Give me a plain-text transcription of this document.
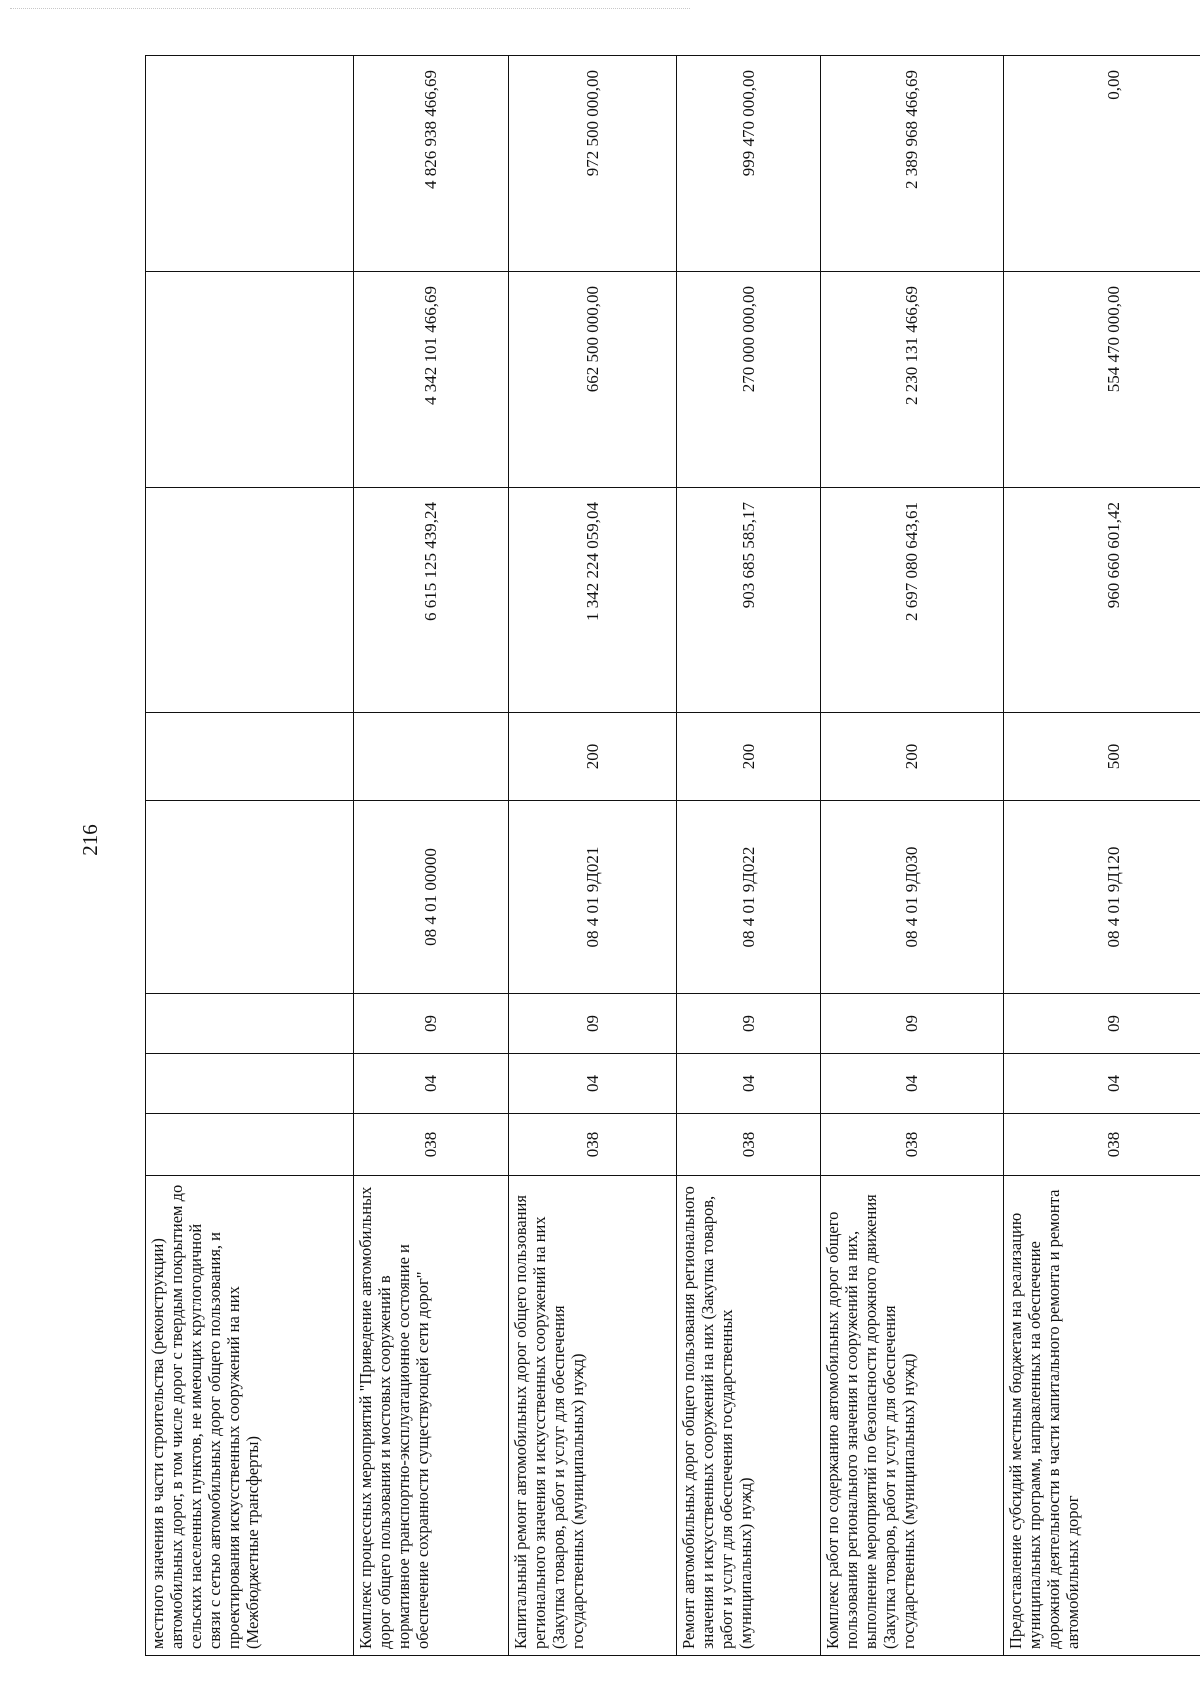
216
местного значения в части строительства (реконструкции) автомобильных дорог, в том числе дорог с твердым покрытием до сельских населенных пунктов, не имеющих круглогодичной связи с сетью автомобильных дорог общего пользования, и проектирования искусственных сооружений на них (Межбюджетные трансферты)								
Комплекс процессных мероприятий "Приведение автомобильных дорог общего пользования и мостовых сооружений в нормативное транспортно-эксплуатационное состояние и обеспечение сохранности существующей сети дорог"	038	04	09	08 4 01 00000		6 615 125 439,24	4 342 101 466,69	4 826 938 466,69
Капитальный ремонт автомобильных дорог общего пользования регионального значения и искусственных сооружений на них (Закупка товаров, работ и услуг для обеспечения государственных (муниципальных) нужд)	038	04	09	08 4 01 9Д021	200	1 342 224 059,04	662 500 000,00	972 500 000,00
Ремонт автомобильных дорог общего пользования регионального значения и искусственных сооружений на них (Закупка товаров, работ и услуг для обеспечения государственных (муниципальных) нужд)	038	04	09	08 4 01 9Д022	200	903 685 585,17	270 000 000,00	999 470 000,00
Комплекс работ по содержанию автомобильных дорог общего пользования регионального значения и сооружений на них, выполнение мероприятий по безопасности дорожного движения (Закупка товаров, работ и услуг для обеспечения государственных (муниципальных) нужд)	038	04	09	08 4 01 9Д030	200	2 697 080 643,61	2 230 131 466,69	2 389 968 466,69
Предоставление субсидий местным бюджетам на реализацию муниципальных программ, направленных на обеспечение дорожной деятельности в части капитального ремонта и ремонта автомобильных дорог	038	04	09	08 4 01 9Д120	500	960 660 601,42	554 470 000,00	0,00
